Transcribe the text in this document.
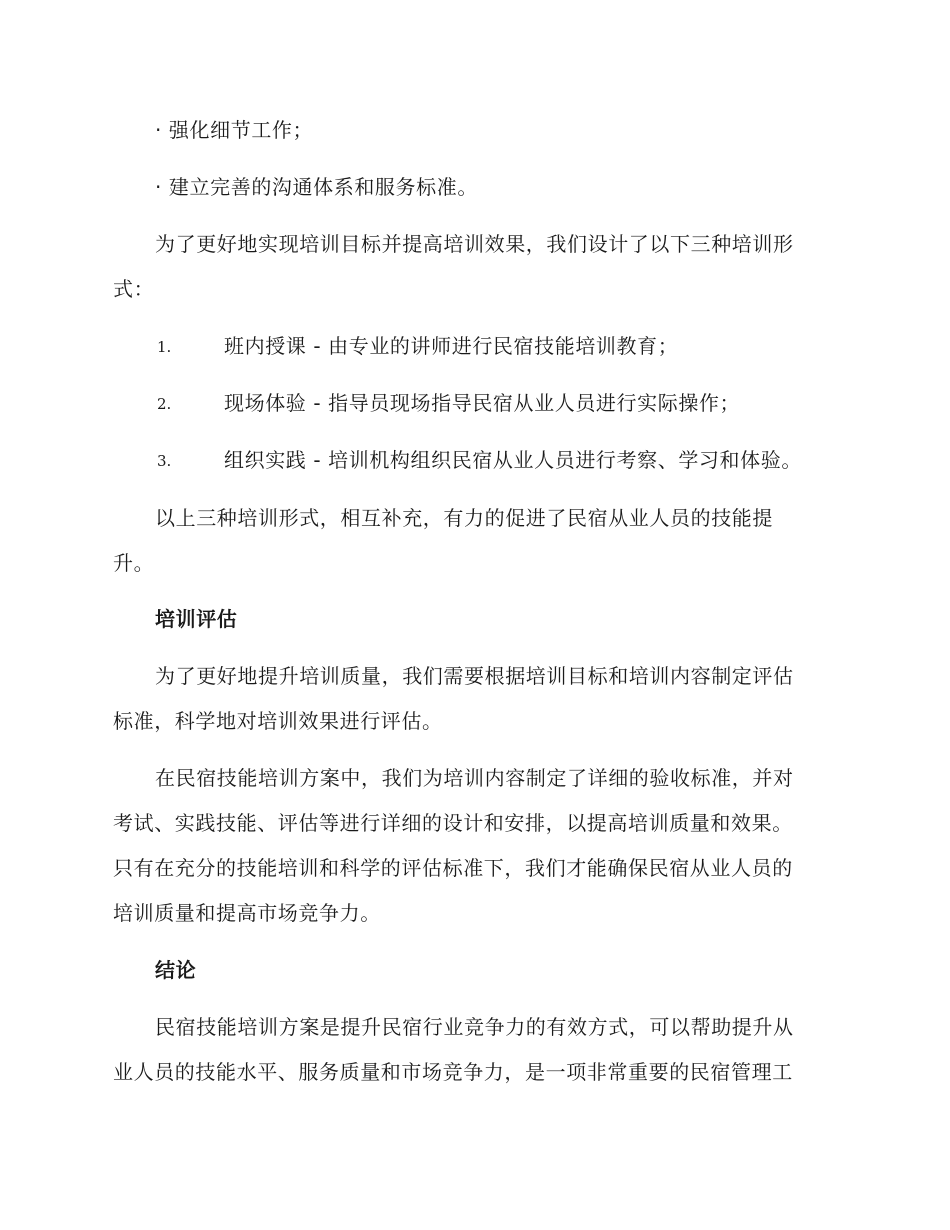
· 强化细节工作；
· 建立完善的沟通体系和服务标准。
为了更好地实现培训目标并提高培训效果，我们设计了以下三种培训形
式：
1.	班内授课 - 由专业的讲师进行民宿技能培训教育；
2.	现场体验 - 指导员现场指导民宿从业人员进行实际操作；
3.	组织实践 - 培训机构组织民宿从业人员进行考察、学习和体验。
以上三种培训形式，相互补充，有力的促进了民宿从业人员的技能提
升。
培训评估
为了更好地提升培训质量，我们需要根据培训目标和培训内容制定评估
标准，科学地对培训效果进行评估。
在民宿技能培训方案中，我们为培训内容制定了详细的验收标准，并对
考试、实践技能、评估等进行详细的设计和安排，以提高培训质量和效果。
只有在充分的技能培训和科学的评估标准下，我们才能确保民宿从业人员的
培训质量和提高市场竞争力。
结论
民宿技能培训方案是提升民宿行业竞争力的有效方式，可以帮助提升从
业人员的技能水平、服务质量和市场竞争力，是一项非常重要的民宿管理工
